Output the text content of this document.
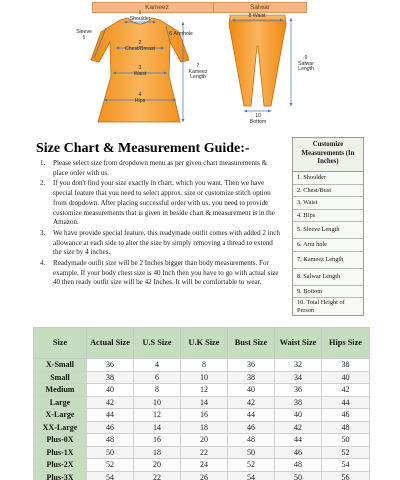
Kameez	Salwar
1
Shoulder
2
Chest/Breast
3
Waist
4
Hips
Sleeve
5
6 Armhole
7
Kameez Length
8 Waist
9
Salwar Length
10
Bottom
Size Chart & Measurement Guide:-
1. Please select size from dropdown menu as per given chart measurements & place order with us.
2. If you don't find your size exactly in chart, which you want. Then we have special feature that you need to select approx. size or customize stitch option from dropdown. After placing successful order with us, you need to provide customize measurements that is given in beside chart & measurement is in the Amazon.
3. We have provide special feature, this readymade outfit comes with added 2 inch allowance at each side to alter the size by simply removing a thread to extend the size by 4 inches.
4. Readymade outfit size will be 2 Inches bigger than body measurements. For example, If your body chest size is 40 Inch then you have to go with actual size 40 then ready outfit size will be 42 Inches. It will be comfortable to wear.
Customize Measurements (In Inches)
1. Shoulder
2. Chest/Bust
3. Waist
4. Hips
5. Sleeve Length
6. Arm hole
7. Kameez Length
8. Salwar Length
9. Bottom
10. Total Height of Person
Size	Actual Size	U.S Size	U.K Size	Bust Size	Waist Size	Hips Size
X-Small	36	4	8	36	32	38
Small	38	6	10	38	34	40
Medium	40	8	12	40	36	42
Large	42	10	14	42	38	44
X-Large	44	12	16	44	40	46
XX-Large	46	14	18	46	42	48
Plus-0X	48	16	20	48	44	50
Plus-1X	50	18	22	50	46	52
Plus-2X	52	20	24	52	48	54
Plus-3X	54	22	26	54	50	56
